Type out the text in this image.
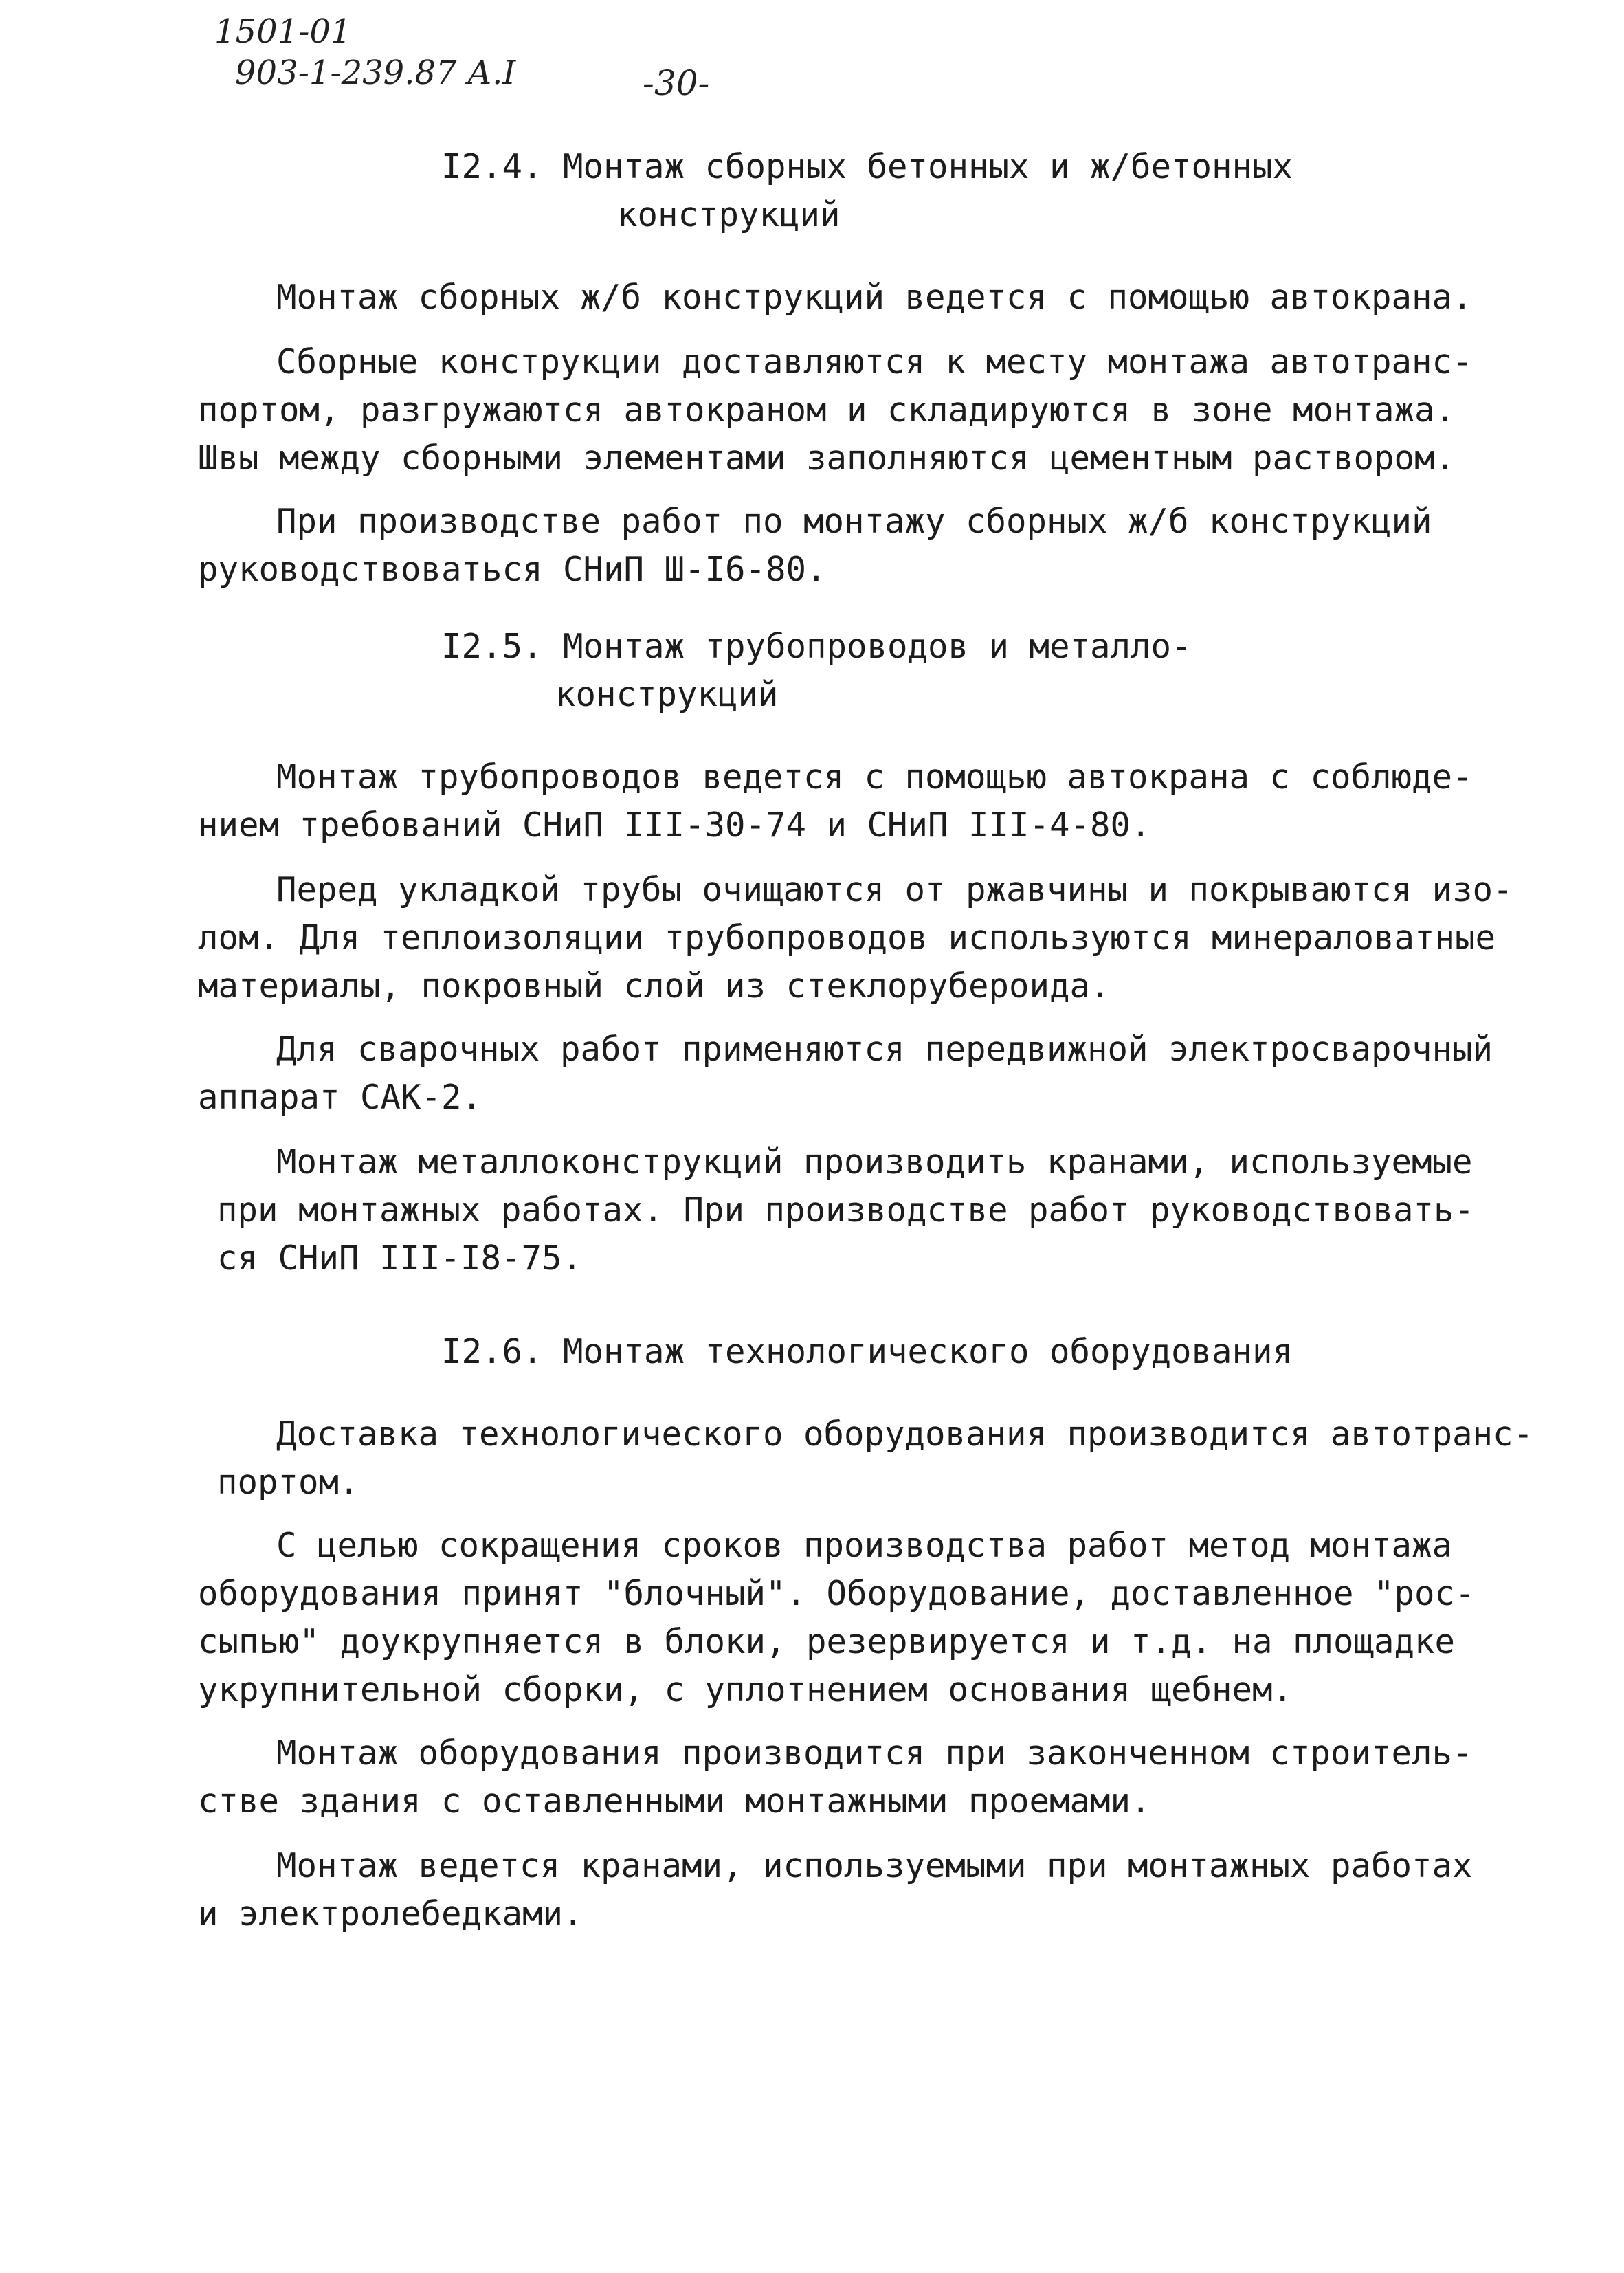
1501-01
903-1-239.87 А.I	-30-
I2.4. Монтаж сборных бетонных и ж/бетонных
конструкций
Монтаж сборных ж/б конструкций ведется с помощью автокрана.
Сборные конструкции доставляются к месту монтажа автотранс-
портом, разгружаются автокраном и складируются в зоне монтажа.
Швы между сборными элементами заполняются цементным раствором.
При производстве работ по монтажу сборных ж/б конструкций
руководствоваться СНиП Ш-I6-80.
I2.5. Монтаж трубопроводов и металло-
конструкций
Монтаж трубопроводов ведется с помощью автокрана с соблюде-
нием требований СНиП III-30-74 и СНиП III-4-80.
Перед укладкой трубы очищаются от ржавчины и покрываются изо-
лом. Для теплоизоляции трубопроводов используются минераловатные
материалы, покровный слой из стеклорубероида.
Для сварочных работ применяются передвижной электросварочный
аппарат САК-2.
Монтаж металлоконструкций производить кранами, используемые
при монтажных работах. При производстве работ руководствовать-
ся СНиП III-I8-75.
I2.6. Монтаж технологического оборудования
Доставка технологического оборудования производится автотранс-
портом.
С целью сокращения сроков производства работ метод монтажа
оборудования принят "блочный". Оборудование, доставленное "рос-
сыпью" доукрупняется в блоки, резервируется и т.д. на площадке
укрупнительной сборки, с уплотнением основания щебнем.
Монтаж оборудования производится при законченном строитель-
стве здания с оставленными монтажными проемами.
Монтаж ведется кранами, используемыми при монтажных работах
и электролебедками.
